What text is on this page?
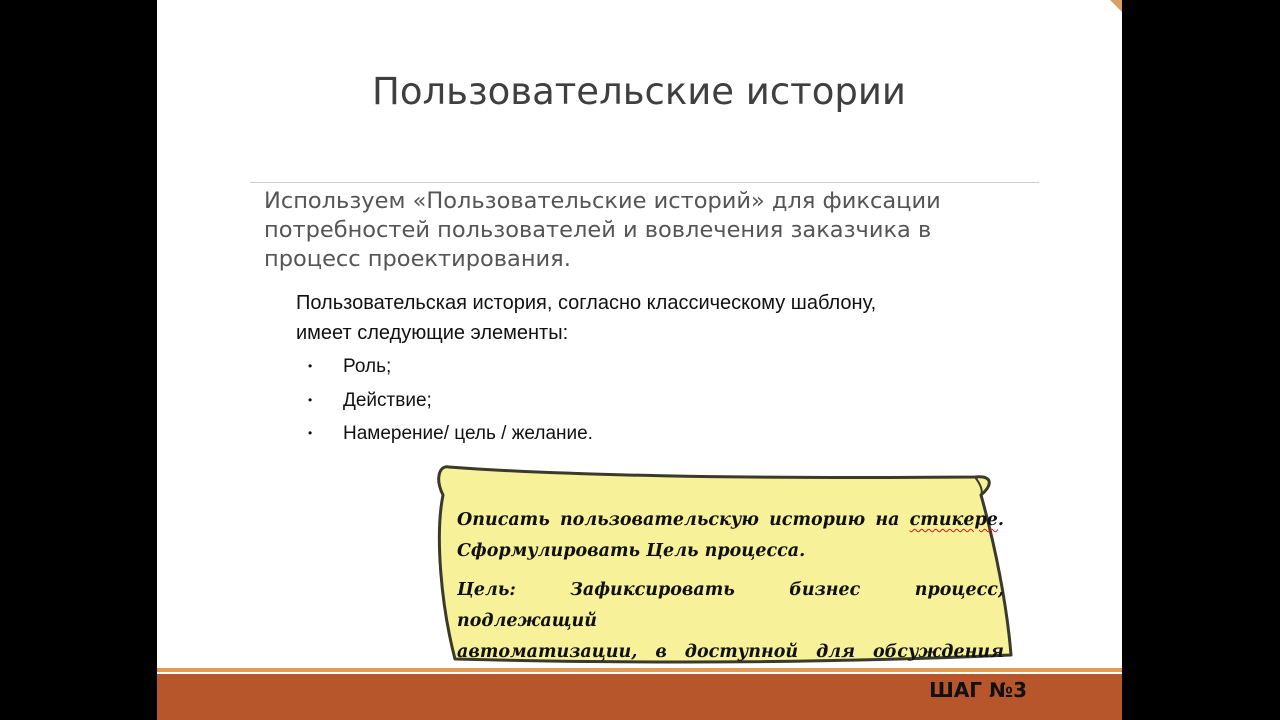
Пользовательские истории
Используем «Пользовательские историй» для фиксации потребностей пользователей и вовлечения заказчика в процесс проектирования.
Пользовательская история, согласно классическому шаблону,
имеет следующие элементы:
• Роль;
• Действие;
• Намерение/ цель / желание.

Описать пользовательскую историю на стикере.

Сформулировать Цель процесса.

Цель: Зафиксировать бизнес процесс, подлежащий

автоматизации, в доступной для обсуждения

ШАГ №3
